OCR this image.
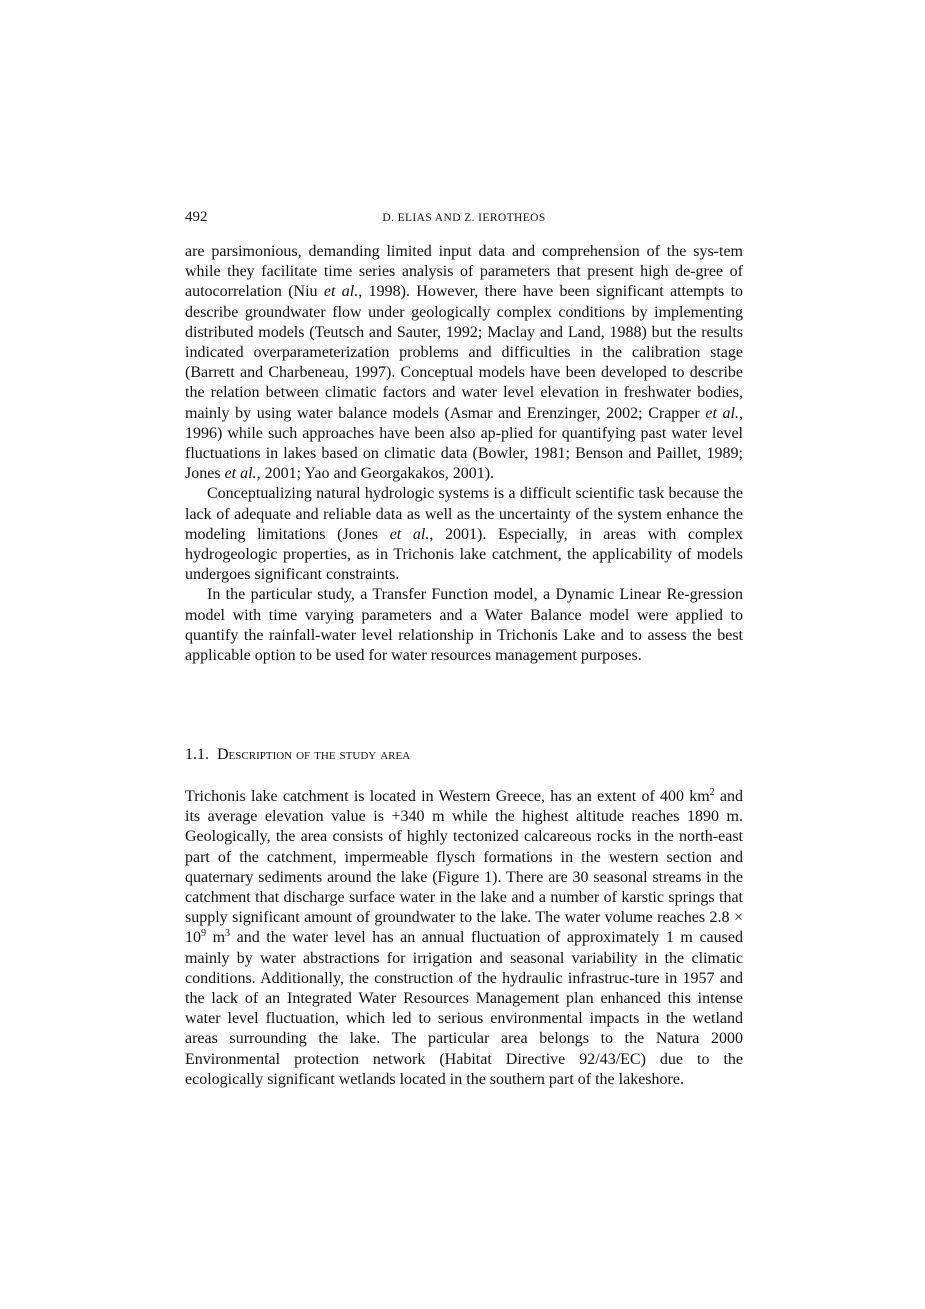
492	D. ELIAS AND Z. IEROTHEOS

are parsimonious, demanding limited input data and comprehension of the sys-tem while they facilitate time series analysis of parameters that present high de-gree of autocorrelation (Niu et al., 1998). However, there have been significant attempts to describe groundwater flow under geologically complex conditions by implementing distributed models (Teutsch and Sauter, 1992; Maclay and Land, 1988) but the results indicated overparameterization problems and difficulties in the calibration stage (Barrett and Charbeneau, 1997). Conceptual models have been developed to describe the relation between climatic factors and water level elevation in freshwater bodies, mainly by using water balance models (Asmar and Erenzinger, 2002; Crapper et al., 1996) while such approaches have been also ap-plied for quantifying past water level fluctuations in lakes based on climatic data (Bowler, 1981; Benson and Paillet, 1989; Jones et al., 2001; Yao and Georgakakos, 2001).

Conceptualizing natural hydrologic systems is a difficult scientific task because the lack of adequate and reliable data as well as the uncertainty of the system enhance the modeling limitations (Jones et al., 2001). Especially, in areas with complex hydrogeologic properties, as in Trichonis lake catchment, the applicability of models undergoes significant constraints.

In the particular study, a Transfer Function model, a Dynamic Linear Re-gression model with time varying parameters and a Water Balance model were applied to quantify the rainfall-water level relationship in Trichonis Lake and to assess the best applicable option to be used for water resources management purposes.

1.1. Description of the study area

Trichonis lake catchment is located in Western Greece, has an extent of 400 $km^2$ and its average elevation value is +340 m while the highest altitude reaches 1890 m. Geologically, the area consists of highly tectonized calcareous rocks in the north-east part of the catchment, impermeable flysch formations in the western section and quaternary sediments around the lake (Figure 1). There are 30 seasonal streams in the catchment that discharge surface water in the lake and a number of karstic springs that supply significant amount of groundwater to the lake. The water volume reaches $2.8 \times 10^9$ $m^3$ and the water level has an annual fluctuation of approximately 1 m caused mainly by water abstractions for irrigation and seasonal variability in the climatic conditions. Additionally, the construction of the hydraulic infrastruc-ture in 1957 and the lack of an Integrated Water Resources Management plan enhanced this intense water level fluctuation, which led to serious environmental impacts in the wetland areas surrounding the lake. The particular area belongs to the Natura 2000 Environmental protection network (Habitat Directive 92/43/EC) due to the ecologically significant wetlands located in the southern part of the lakeshore.
